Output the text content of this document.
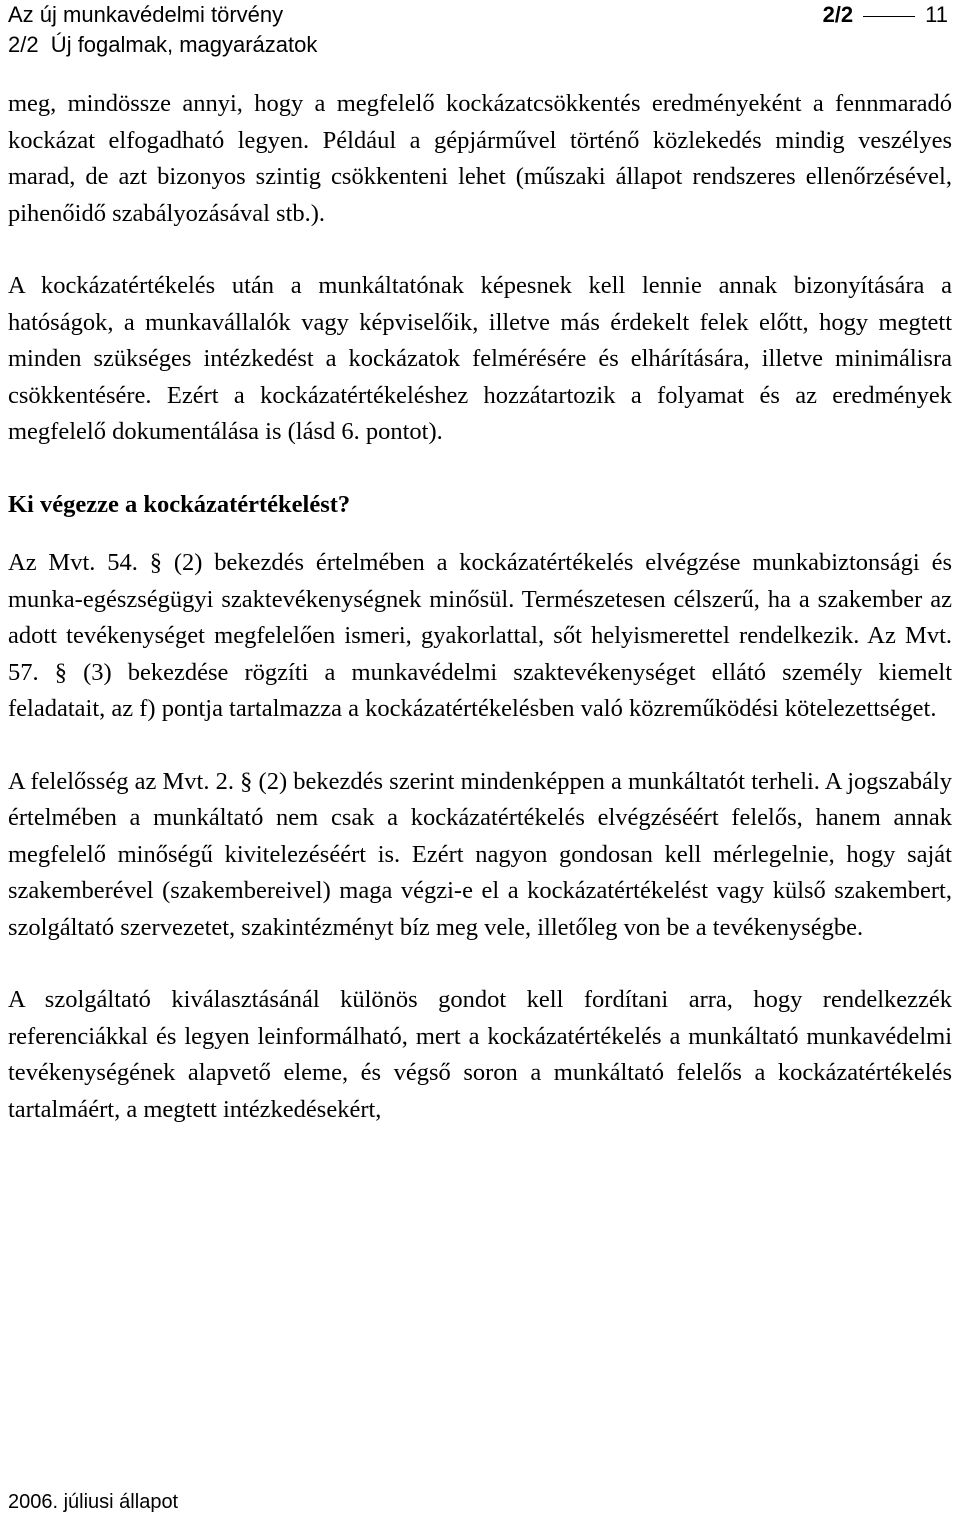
Az új munkavédelmi törvény	2/2	11
2/2  Új fogalmak, magyarázatok

meg, mindössze annyi, hogy a megfelelő kockázatcsökkentés eredményeként a fennmaradó kockázat elfogadható legyen. Például a gépjárművel történő közlekedés mindig veszélyes marad, de azt bizonyos szintig csökkenteni lehet (műszaki állapot rendszeres ellenőrzésével, pihenőidő szabályozásával stb.).

A kockázatértékelés után a munkáltatónak képesnek kell lennie annak bizonyítására a hatóságok, a munkavállalók vagy képviselőik, illetve más érdekelt felek előtt, hogy megtett minden szükséges intézkedést a kockázatok felmérésére és elhárítására, illetve minimálisra csökkentésére. Ezért a kockázatértékeléshez hozzátartozik a folyamat és az eredmények megfelelő dokumentálása is (lásd 6. pontot).

Ki végezze a kockázatértékelést?

Az Mvt. 54. § (2) bekezdés értelmében a kockázatértékelés elvégzése munkabiztonsági és munka-egészségügyi szaktevékenységnek minősül. Természetesen célszerű, ha a szakember az adott tevékenységet megfelelően ismeri, gyakorlattal, sőt helyismerettel rendelkezik. Az Mvt. 57. § (3) bekezdése rögzíti a munkavédelmi szaktevékenységet ellátó személy kiemelt feladatait, az f) pontja tartalmazza a kockázatértékelésben való közreműködési kötelezettséget.

A felelősség az Mvt. 2. § (2) bekezdés szerint mindenképpen a munkáltatót terheli. A jogszabály értelmében a munkáltató nem csak a kockázatértékelés elvégzéséért felelős, hanem annak megfelelő minőségű kivitelezéséért is. Ezért nagyon gondosan kell mérlegelnie, hogy saját szakemberével (szakembereivel) maga végzi-e el a kockázatértékelést vagy külső szakembert, szolgáltató szervezetet, szakintézményt bíz meg vele, illetőleg von be a tevékenységbe.

A szolgáltató kiválasztásánál különös gondot kell fordítani arra, hogy rendelkezzék referenciákkal és legyen leinformálható, mert a kockázatértékelés a munkáltató munkavédelmi tevékenységének alapvető eleme, és végső soron a munkáltató felelős a kockázatértékelés tartalmáért, a megtett intézkedésekért,

2006. júliusi állapot
